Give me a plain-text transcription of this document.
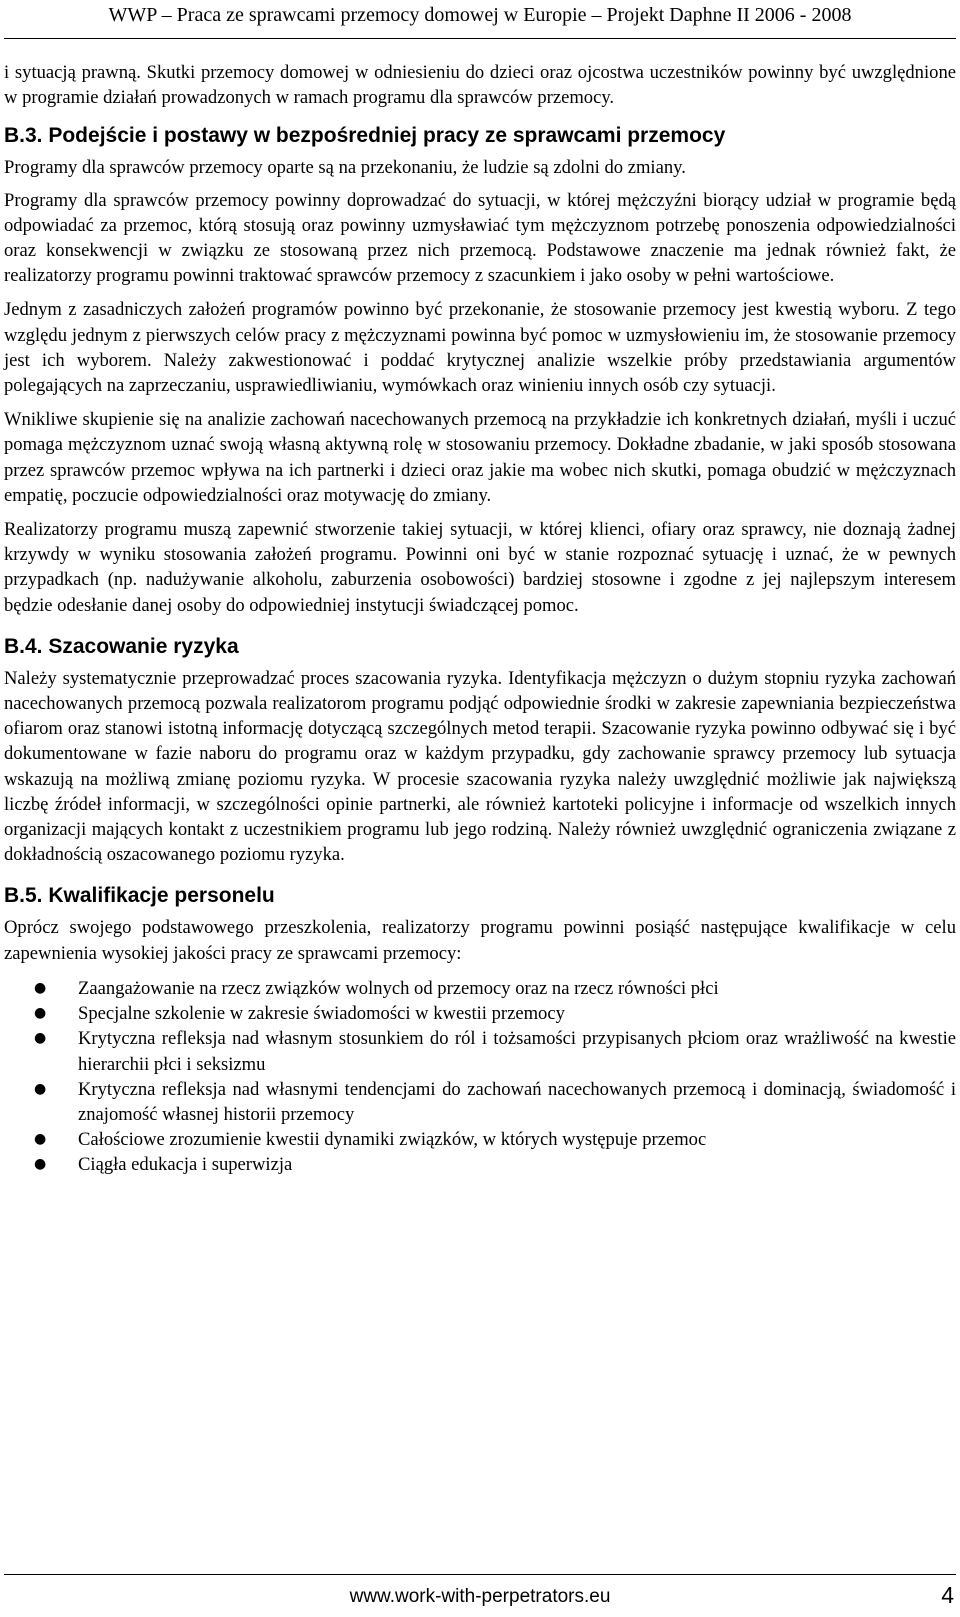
WWP – Praca ze sprawcami przemocy domowej w Europie – Projekt Daphne II 2006 - 2008

i sytuacją prawną. Skutki przemocy domowej w odniesieniu do dzieci oraz ojcostwa uczestników powinny być uwzględnione w programie działań prowadzonych w ramach programu dla sprawców przemocy.

B.3. Podejście i postawy w bezpośredniej pracy ze sprawcami przemocy

Programy dla sprawców przemocy oparte są na przekonaniu, że ludzie są zdolni do zmiany.

Programy dla sprawców przemocy powinny doprowadzać do sytuacji, w której mężczyźni biorący udział w programie będą odpowiadać za przemoc, którą stosują oraz powinny uzmysławiać tym mężczyznom potrzebę ponoszenia odpowiedzialności oraz konsekwencji w związku ze stosowaną przez nich przemocą. Podstawowe znaczenie ma jednak również fakt, że realizatorzy programu powinni traktować sprawców przemocy z szacunkiem i jako osoby w pełni wartościowe.

Jednym z zasadniczych założeń programów powinno być przekonanie, że stosowanie przemocy jest kwestią wyboru. Z tego względu jednym z pierwszych celów pracy z mężczyznami powinna być pomoc w uzmysłowieniu im, że stosowanie przemocy jest ich wyborem. Należy zakwestionować i poddać krytycznej analizie wszelkie próby przedstawiania argumentów polegających na zaprzeczaniu, usprawiedliwianiu, wymówkach oraz winieniu innych osób czy sytuacji.

Wnikliwe skupienie się na analizie zachowań nacechowanych przemocą na przykładzie ich konkretnych działań, myśli i uczuć pomaga mężczyznom uznać swoją własną aktywną rolę w stosowaniu przemocy. Dokładne zbadanie, w jaki sposób stosowana przez sprawców przemoc wpływa na ich partnerki i dzieci oraz jakie ma wobec nich skutki, pomaga obudzić w mężczyznach empatię, poczucie odpowiedzialności oraz motywację do zmiany.

Realizatorzy programu muszą zapewnić stworzenie takiej sytuacji, w której klienci, ofiary oraz sprawcy, nie doznają żadnej krzywdy w wyniku stosowania założeń programu. Powinni oni być w stanie rozpoznać sytuację i uznać, że w pewnych przypadkach (np. nadużywanie alkoholu, zaburzenia osobowości) bardziej stosowne i zgodne z jej najlepszym interesem będzie odesłanie danej osoby do odpowiedniej instytucji świadczącej pomoc.

B.4. Szacowanie ryzyka

Należy systematycznie przeprowadzać proces szacowania ryzyka. Identyfikacja mężczyzn o dużym stopniu ryzyka zachowań nacechowanych przemocą pozwala realizatorom programu podjąć odpowiednie środki w zakresie zapewniania bezpieczeństwa ofiarom oraz stanowi istotną informację dotyczącą szczególnych metod terapii. Szacowanie ryzyka powinno odbywać się i być dokumentowane w fazie naboru do programu oraz w każdym przypadku, gdy zachowanie sprawcy przemocy lub sytuacja wskazują na możliwą zmianę poziomu ryzyka. W procesie szacowania ryzyka należy uwzględnić możliwie jak największą liczbę źródeł informacji, w szczególności opinie partnerki, ale również kartoteki policyjne i informacje od wszelkich innych organizacji mających kontakt z uczestnikiem programu lub jego rodziną. Należy również uwzględnić ograniczenia związane z dokładnością oszacowanego poziomu ryzyka.

B.5. Kwalifikacje personelu

Oprócz swojego podstawowego przeszkolenia, realizatorzy programu powinni posiąść następujące kwalifikacje w celu zapewnienia wysokiej jakości pracy ze sprawcami przemocy:

● Zaangażowanie na rzecz związków wolnych od przemocy oraz na rzecz równości płci
● Specjalne szkolenie w zakresie świadomości w kwestii przemocy
● Krytyczna refleksja nad własnym stosunkiem do ról i tożsamości przypisanych płciom oraz wrażliwość na kwestie hierarchii płci i seksizmu
● Krytyczna refleksja nad własnymi tendencjami do zachowań nacechowanych przemocą i dominacją, świadomość i znajomość własnej historii przemocy
● Całościowe zrozumienie kwestii dynamiki związków, w których występuje przemoc
● Ciągła edukacja i superwizja
www.work-with-perpetrators.eu	4
